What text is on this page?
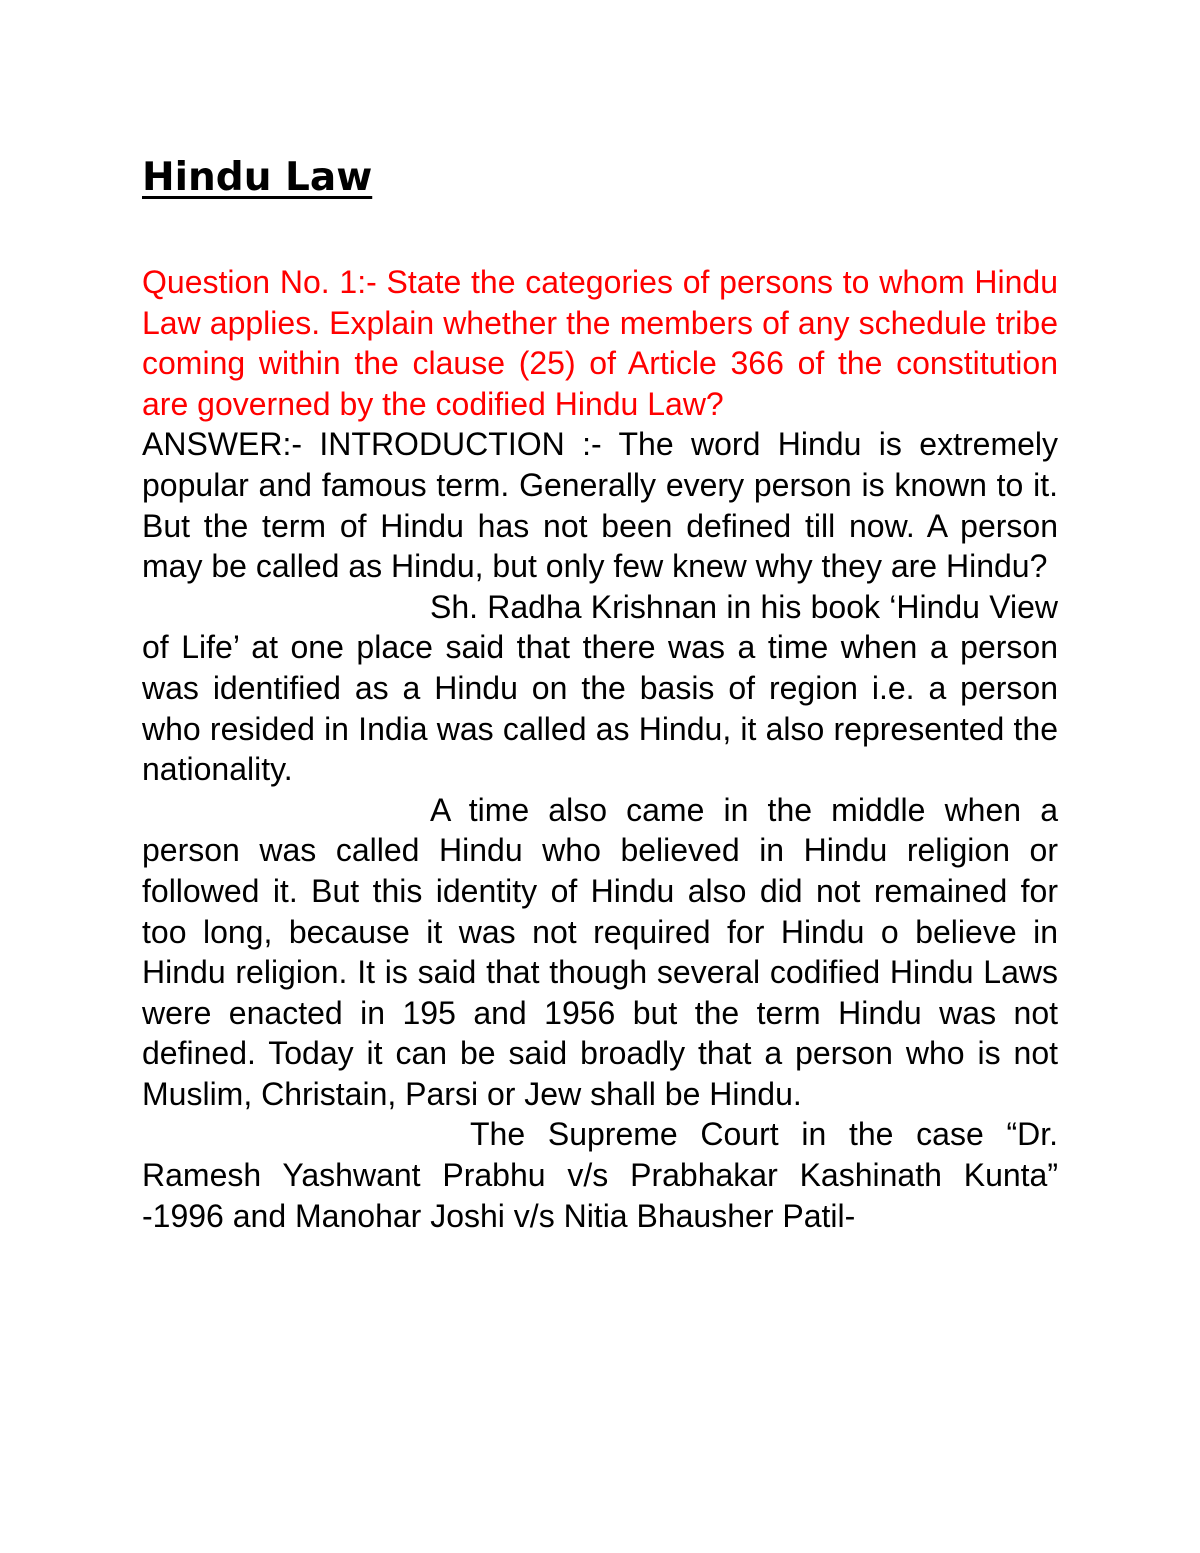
Hindu Law

Question No. 1:- State the categories of persons to whom Hindu Law applies. Explain whether the members of any schedule tribe coming within the clause (25) of Article 366 of the constitution are governed by the codified Hindu Law?

ANSWER:- INTRODUCTION :- The word Hindu is extremely popular and famous term. Generally every person is known to it. But the term of Hindu has not been defined till now. A person may be called as Hindu, but only few knew why they are Hindu?

Sh. Radha Krishnan in his book ‘Hindu View of Life’ at one place said that there was a time when a person was identified as a Hindu on the basis of region i.e. a person who resided in India was called as Hindu, it also represented the nationality.

A time also came in the middle when a person was called Hindu who believed in Hindu religion or followed it. But this identity of Hindu also did not remained for too long, because it was not required for Hindu o believe in Hindu religion. It is said that though several codified Hindu Laws were enacted in 195 and 1956 but the term Hindu was not defined. Today it can be said broadly that a person who is not Muslim, Christain, Parsi or Jew shall be Hindu.

The Supreme Court in the case “Dr. Ramesh Yashwant Prabhu v/s Prabhakar Kashinath Kunta” -1996 and Manohar Joshi v/s Nitia Bhausher Patil-
